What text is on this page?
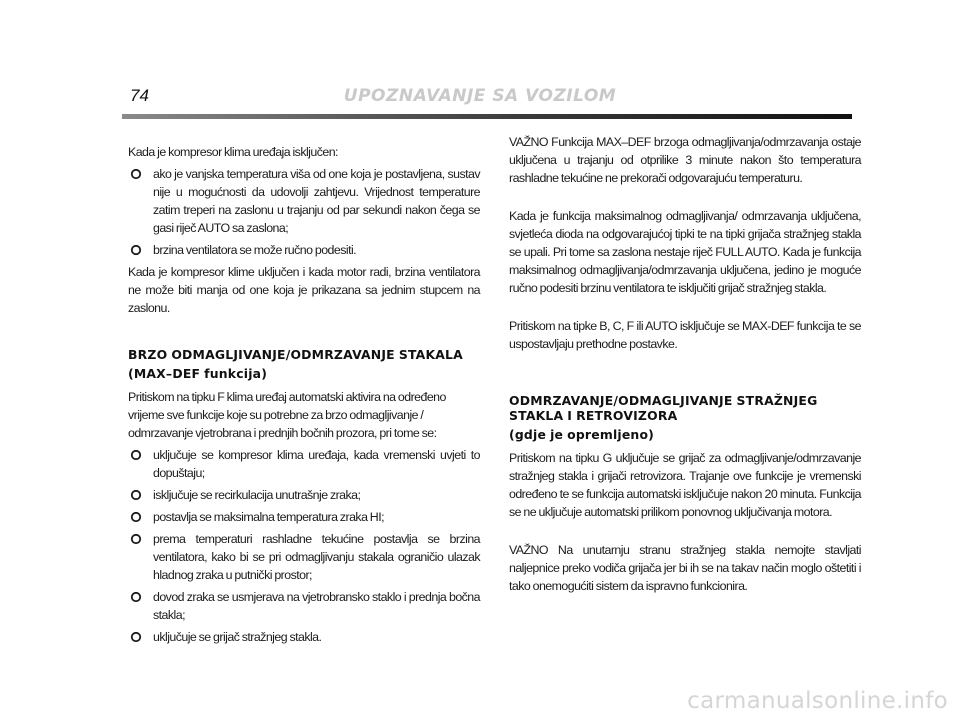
74	UPOZNAVANJE SA VOZILOM

Kada je kompresor klima uređaja isključen:

ako je vanjska temperatura viša od one koja je postavljena, sustav nije u mogućnosti da udovolji zahtjevu. Vrijednost temperature zatim treperi na zaslonu u trajanju od par sekundi nakon čega se gasi riječ AUTO sa zaslona;
brzina ventilatora se može ručno podesiti.

Kada je kompresor klime uključen i kada motor radi, brzina ventilatora ne može biti manja od one koja je prikazana sa jednim stupcem na zaslonu.

BRZO ODMAGLJIVANJE/ODMRZAVANJE STAKALA

(MAX–DEF funkcija)

Pritiskom na tipku F klima uređaj automatski aktivira na određeno vrijeme sve funkcije koje su potrebne za brzo odmagljivanje / odmrzavanje vjetrobrana i prednjih bočnih prozora, pri tome se:

uključuje se kompresor klima uređaja, kada vremenski uvjeti to dopuštaju;
isključuje se recirkulacija unutrašnje zraka;
postavlja se maksimalna temperatura zraka HI;
prema temperaturi rashladne tekućine postavlja se brzina ventilatora, kako bi se pri odmagljivanju stakala ograničio ulazak hladnog zraka u putnički prostor;
dovod zraka se usmjerava na vjetrobransko staklo i prednja bočna stakla;
uključuje se grijač stražnjeg stakla.

VAŽNO Funkcija MAX–DEF brzoga odmagljivanja/odmrzavanja ostaje uključena u trajanju od otprilike 3 minute nakon što temperatura rashladne tekućine ne prekorači odgovarajuću temperaturu.

Kada je funkcija maksimalnog odmagljivanja/ odmrzavanja uključena, svjetleća dioda na odgovarajućoj tipki te na tipki grijača stražnjeg stakla se upali. Pri tome sa zaslona nestaje riječ FULL AUTO. Kada je funkcija maksimalnog odmagljivanja/odmrzavanja uključena, jedino je moguće ručno podesiti brzinu ventilatora te isključiti grijač stražnjeg stakla.

Pritiskom na tipke B, C, F ili AUTO isključuje se MAX-DEF funkcija te se uspostavljaju prethodne postavke.

ODMRZAVANJE/ODMAGLJIVANJE STRAŽNJEG STAKLA I RETROVIZORA

(gdje je opremljeno)

Pritiskom na tipku G uključuje se grijač za odmagljivanje/odmrzavanje stražnjeg stakla i grijači retrovizora. Trajanje ove funkcije je vremenski određeno te se funkcija automatski isključuje nakon 20 minuta. Funkcija se ne uključuje automatski prilikom ponovnog uključivanja motora.

VAŽNO Na unutarnju stranu stražnjeg stakla nemojte stavljati naljepnice preko vodiča grijača jer bi ih se na takav način moglo oštetiti i tako onemogućiti sistem da ispravno funkcionira.

carmanualsonline.info
